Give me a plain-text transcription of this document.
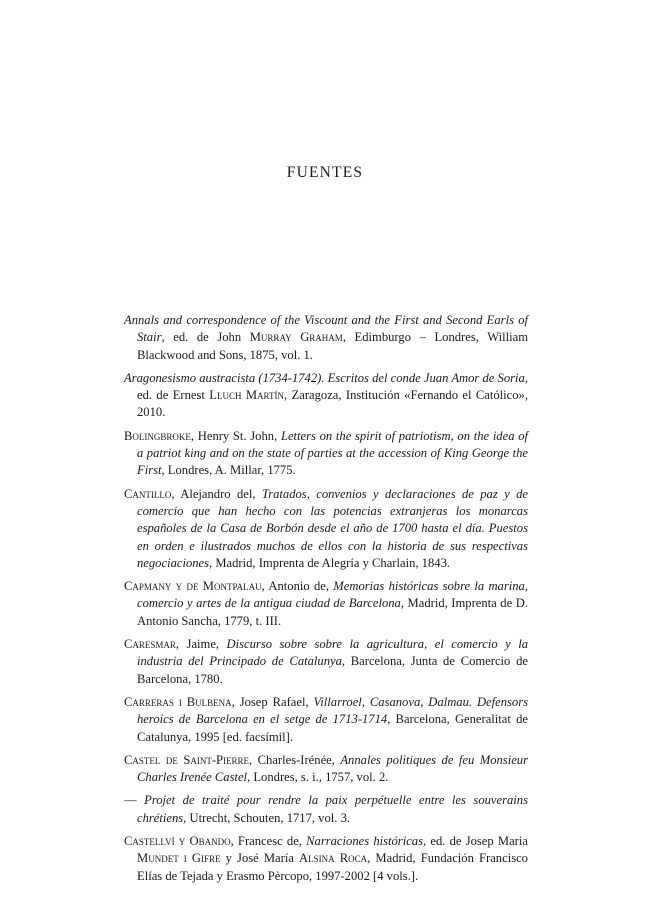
FUENTES

Annals and correspondence of the Viscount and the First and Second Earls of Stair, ed. de John Murray Graham, Edimburgo – Londres, William Blackwood and Sons, 1875, vol. 1.

Aragonesismo austracista (1734-1742). Escritos del conde Juan Amor de Soria, ed. de Ernest Lluch Martín, Zaragoza, Institución «Fernando el Católico», 2010.

Bolingbroke, Henry St. John, Letters on the spirit of patriotism, on the idea of a patriot king and on the state of parties at the accession of King George the First, Londres, A. Millar, 1775.

Cantillo, Alejandro del, Tratados, convenios y declaraciones de paz y de comercio que han hecho con las potencias extranjeras los monarcas españoles de la Casa de Borbón desde el año de 1700 hasta el día. Puestos en orden e ilustrados muchos de ellos con la historia de sus respectivas negociaciones, Madrid, Imprenta de Alegría y Charlain, 1843.

Capmany y de Montpalau, Antonio de, Memorias históricas sobre la marina, comercio y artes de la antigua ciudad de Barcelona, Madrid, Imprenta de D. Antonio Sancha, 1779, t. III.

Caresmar, Jaime, Discurso sobre sobre la agricultura, el comercio y la industria del Principado de Catalunya, Barcelona, Junta de Comercio de Barcelona, 1780.

Carreras i Bulbena, Josep Rafael, Villarroel, Casanova, Dalmau. Defensors heroics de Barcelona en el setge de 1713-1714, Barcelona, Generalitat de Catalunya, 1995 [ed. facsímil].

Castel de Saint-Pierre, Charles-Irénée, Annales politiques de feu Monsieur Charles Irenée Castel, Londres, s. i., 1757, vol. 2.

— Projet de traité pour rendre la paix perpétuelle entre les souverains chrétiens, Utrecht, Schouten, 1717, vol. 3.

Castellví y Obando, Francesc de, Narraciones históricas, ed. de Josep Maria Mundet i Gifre y José María Alsina Roca, Madrid, Fundación Francisco Elías de Tejada y Erasmo Pèrcopo, 1997-2002 [4 vols.].
